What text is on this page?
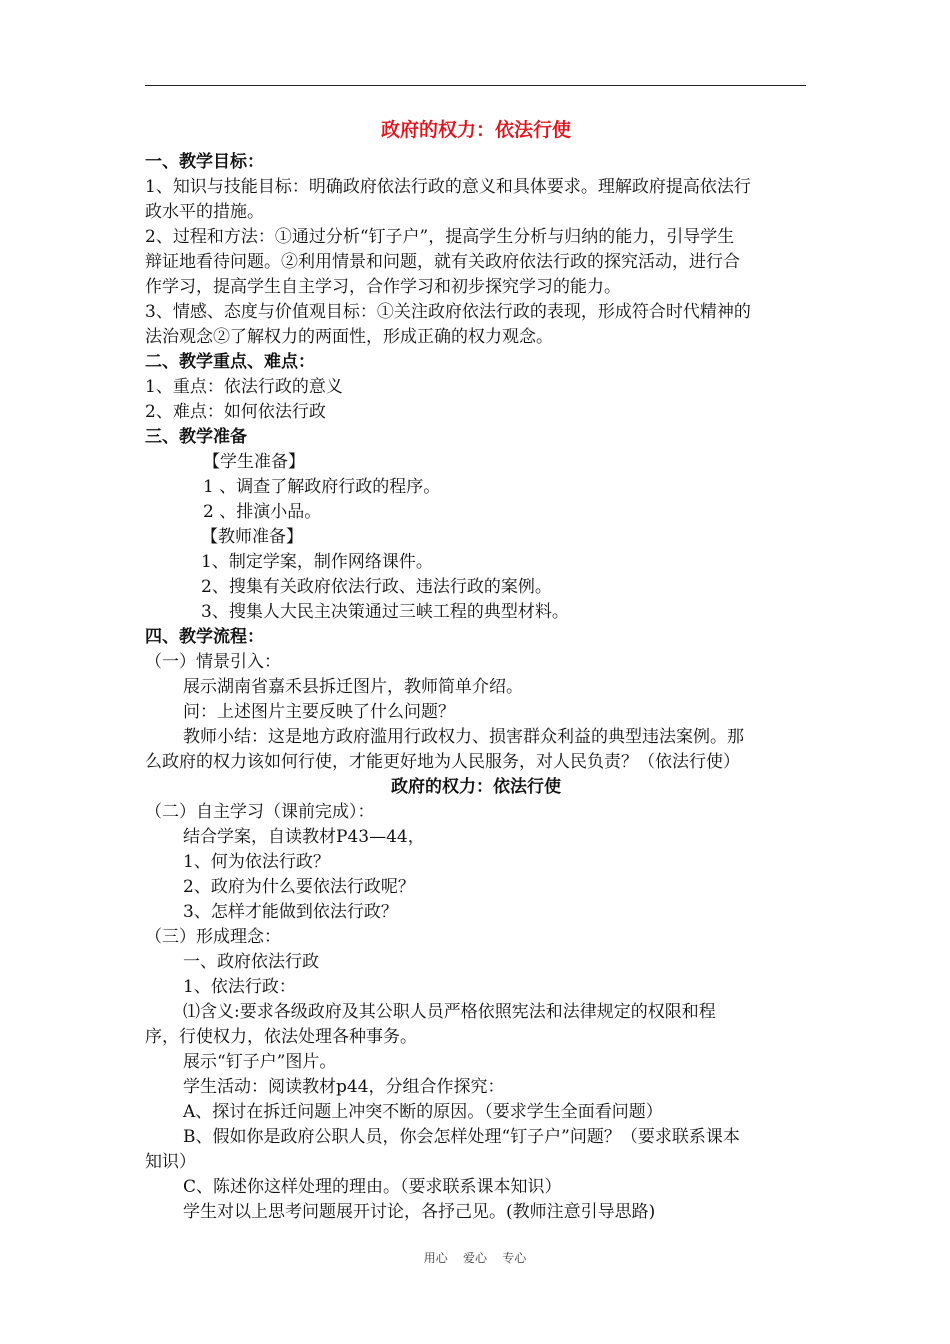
政府的权力：依法行使
一、教学目标：
1、知识与技能目标：明确政府依法行政的意义和具体要求。理解政府提高依法行
政水平的措施。
2、过程和方法：①通过分析“钉子户”，提高学生分析与归纳的能力，引导学生
辩证地看待问题。②利用情景和问题，就有关政府依法行政的探究活动，进行合
作学习，提高学生自主学习，合作学习和初步探究学习的能力。
3、情感、态度与价值观目标：①关注政府依法行政的表现，形成符合时代精神的
法治观念②了解权力的两面性，形成正确的权力观念。
二、教学重点、难点：
1、重点：依法行政的意义
2、难点：如何依法行政
三、教学准备
【学生准备】
1 、调查了解政府行政的程序。
2 、排演小品。
【教师准备】
1、制定学案，制作网络课件。
2、搜集有关政府依法行政、违法行政的案例。
3、搜集人大民主决策通过三峡工程的典型材料。
四、教学流程：
（一）情景引入：
展示湖南省嘉禾县拆迁图片，教师简单介绍。
问：上述图片主要反映了什么问题？
教师小结：这是地方政府滥用行政权力、损害群众利益的典型违法案例。那
么政府的权力该如何行使，才能更好地为人民服务，对人民负责？（依法行使）
政府的权力：依法行使
（二）自主学习（课前完成）：
结合学案，自读教材P43—44，
1、何为依法行政？
2、政府为什么要依法行政呢？
3、怎样才能做到依法行政？
（三）形成理念：
一、政府依法行政
1、依法行政：
⑴含义:要求各级政府及其公职人员严格依照宪法和法律规定的权限和程
序，行使权力，依法处理各种事务。
展示“钉子户”图片。
学生活动：阅读教材p44，分组合作探究：
A、探讨在拆迁问题上冲突不断的原因。（要求学生全面看问题）
B、假如你是政府公职人员，你会怎样处理“钉子户”问题？（要求联系课本
知识）
C、陈述你这样处理的理由。（要求联系课本知识）
学生对以上思考问题展开讨论，各抒己见。(教师注意引导思路)
用心    爱心    专心
